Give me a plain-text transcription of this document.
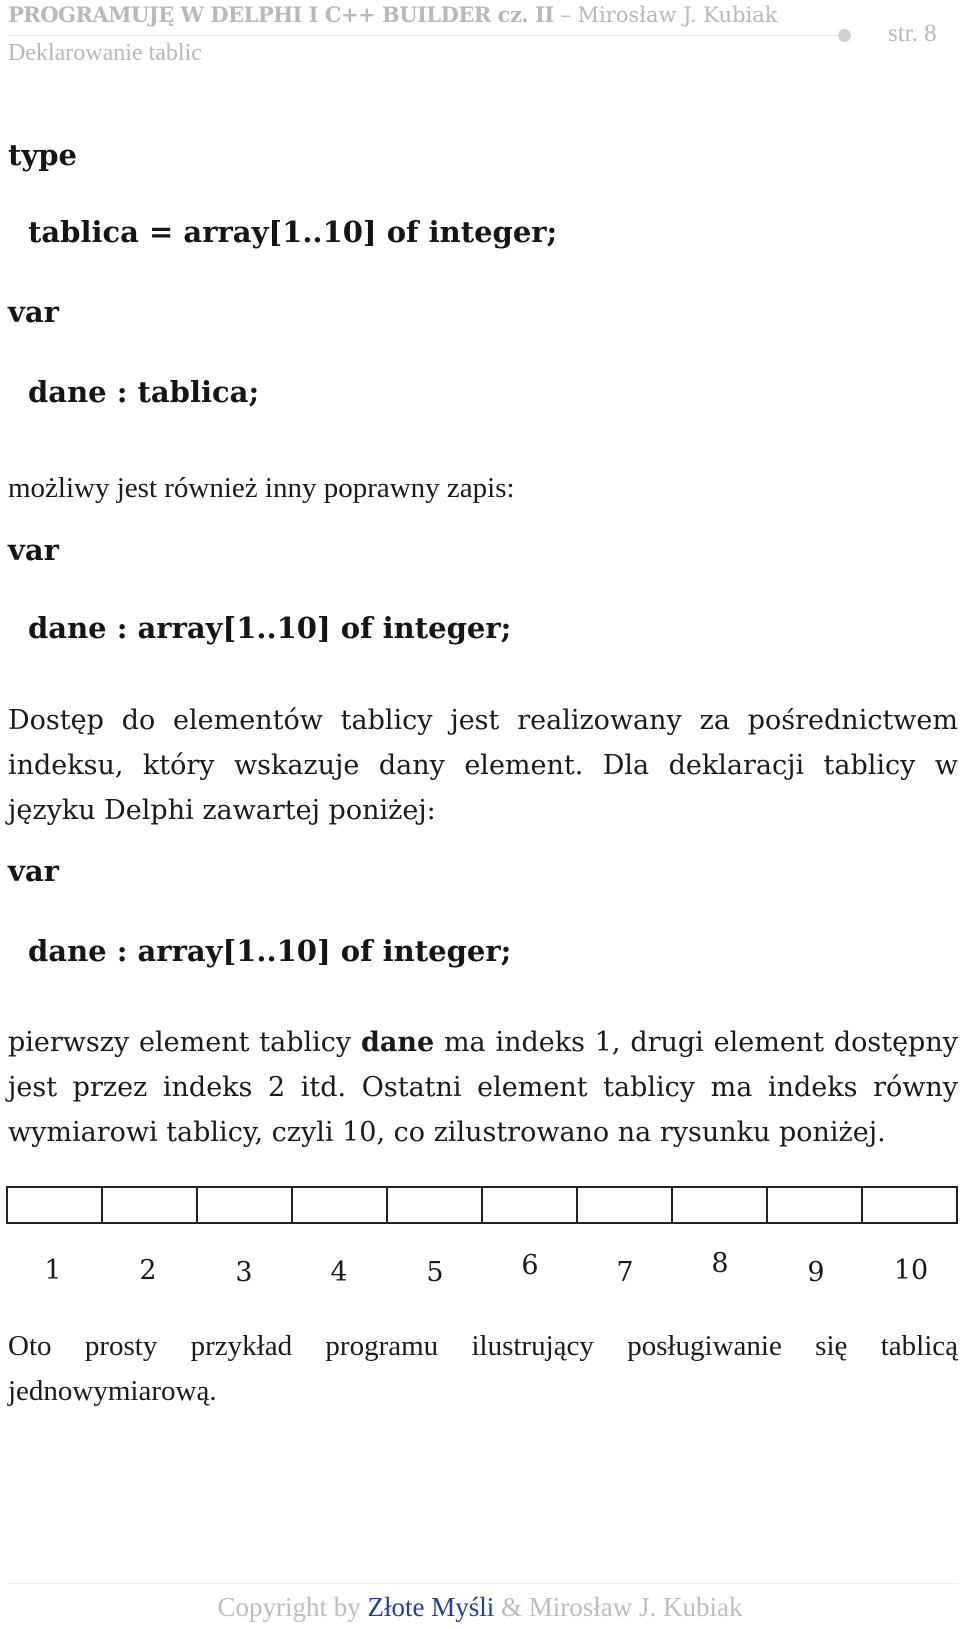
PROGRAMUJĘ W DELPHI I C++ BUILDER cz. II – Mirosław J. Kubiak
Deklarowanie tablic
str. 8
type
tablica = array[1..10] of integer;
var
dane : tablica;
możliwy jest również inny poprawny zapis:
var
dane : array[1..10] of integer;
Dostęp do elementów tablicy jest realizowany za pośrednictwem indeksu, który wskazuje dany element. Dla deklaracji tablicy w języku Delphi zawartej poniżej:
var
dane : array[1..10] of integer;
pierwszy element tablicy dane ma indeks 1, drugi element dostępny jest przez indeks 2 itd. Ostatni element tablicy ma indeks równy wymiarowi tablicy, czyli 10, co zilustrowano na rysunku poniżej.
1	2	3	4	5	6	7	8	9	10
Oto prosty przykład programu ilustrujący posługiwanie się tablicą jednowymiarową.
Copyright by Złote Myśli & Mirosław J. Kubiak
